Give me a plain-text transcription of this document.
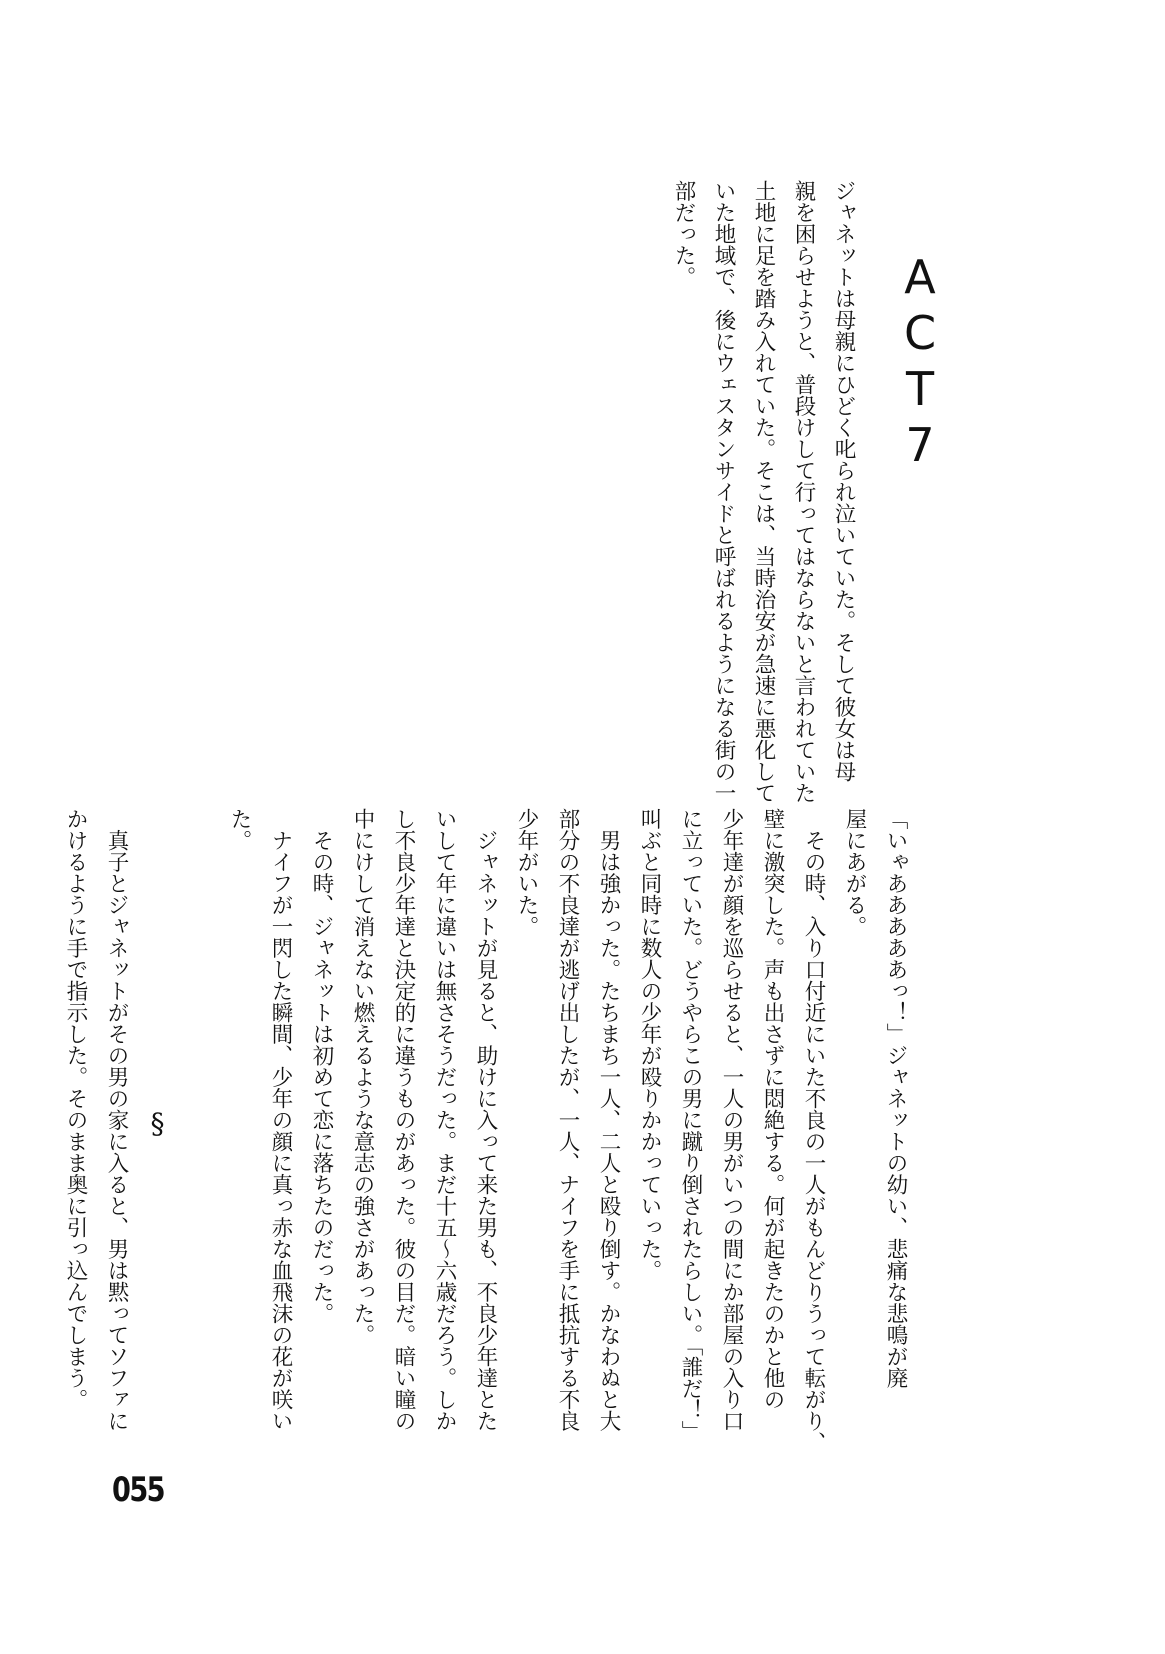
ACT7
ジャネットは母親にひどく叱られ泣いていた。そして彼女は母
親を困らせようと、普段けして行ってはならないと言われていた
土地に足を踏み入れていた。そこは、当時治安が急速に悪化して
いた地域で、後にウェスタンサイドと呼ばれるようになる街の一
部だった。
「いゃあああああっ！」ジャネットの幼い、悲痛な悲鳴が廃
屋にあがる。
　その時、入り口付近にいた不良の一人がもんどりうって転がり、
壁に激突した。声も出さずに悶絶する。何が起きたのかと他の
少年達が顔を巡らせると、一人の男がいつの間にか部屋の入り口
に立っていた。どうやらこの男に蹴り倒されたらしい。「誰だ！」
叫ぶと同時に数人の少年が殴りかかっていった。
　男は強かった。たちまち一人、二人と殴り倒す。かなわぬと大
部分の不良達が逃げ出したが、一人、ナイフを手に抵抗する不良
少年がいた。
　ジャネットが見ると、助けに入って来た男も、不良少年達とた
いして年に違いは無さそうだった。まだ十五〜六歳だろう。しか
し不良少年達と決定的に違うものがあった。彼の目だ。暗い瞳の
中にけして消えない燃えるような意志の強さがあった。
　その時、ジャネットは初めて恋に落ちたのだった。
　ナイフが一閃した瞬間、少年の顔に真っ赤な血飛沫の花が咲い
た。
§
　真子とジャネットがその男の家に入ると、男は黙ってソファに
かけるように手で指示した。そのまま奥に引っ込んでしまう。
055
